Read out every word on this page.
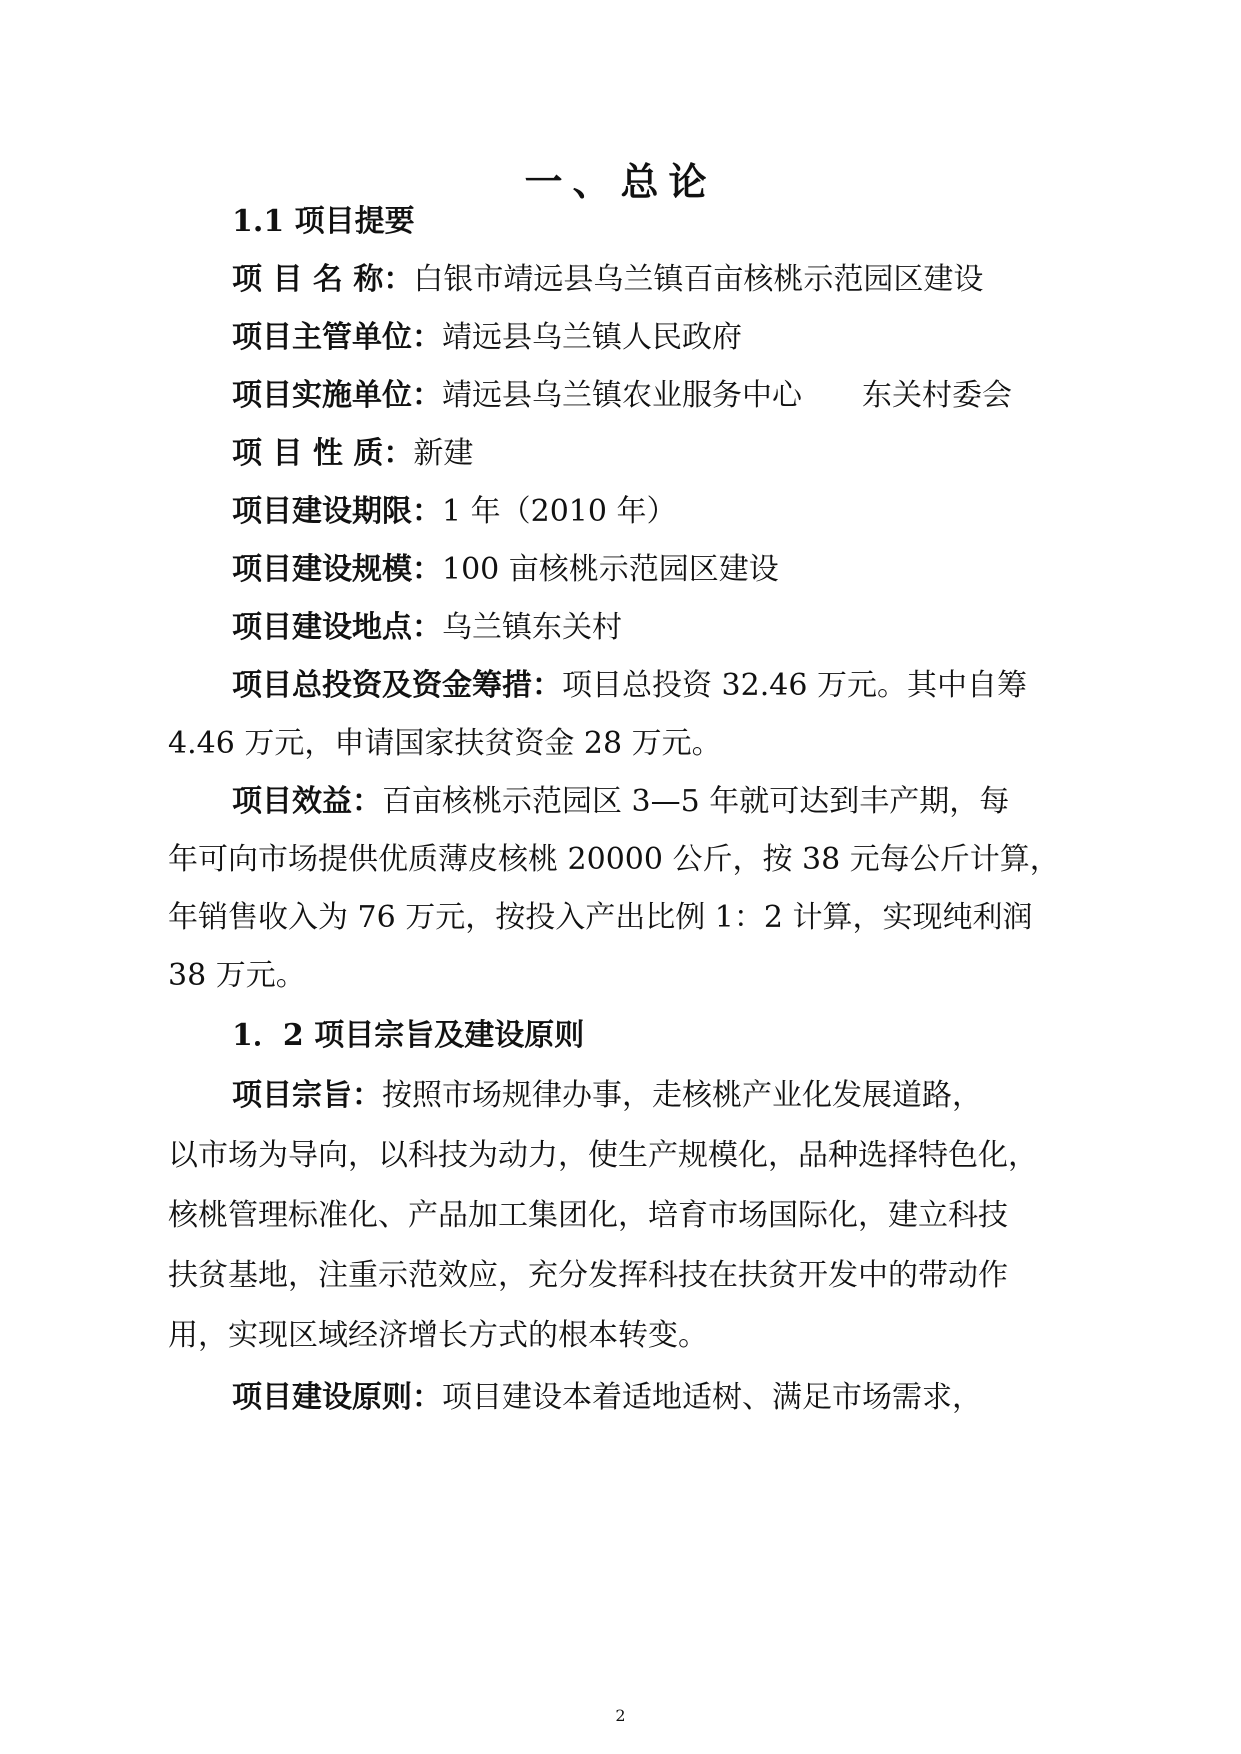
一、总论
1.1 项目提要
项 目 名 称：白银市靖远县乌兰镇百亩核桃示范园区建设
项目主管单位：靖远县乌兰镇人民政府
项目实施单位：靖远县乌兰镇农业服务中心　　东关村委会
项 目 性 质：新建
项目建设期限：1 年（2010 年）
项目建设规模：100 亩核桃示范园区建设
项目建设地点：乌兰镇东关村
项目总投资及资金筹措：项目总投资 32.46 万元。其中自筹
4.46 万元，申请国家扶贫资金 28 万元。
项目效益：百亩核桃示范园区 3—5 年就可达到丰产期，每
年可向市场提供优质薄皮核桃 20000 公斤，按 38 元每公斤计算，
年销售收入为 76 万元，按投入产出比例 1：2 计算，实现纯利润
38 万元。
1．2 项目宗旨及建设原则
项目宗旨：按照市场规律办事，走核桃产业化发展道路，
以市场为导向，以科技为动力，使生产规模化，品种选择特色化，
核桃管理标准化、产品加工集团化，培育市场国际化，建立科技
扶贫基地，注重示范效应，充分发挥科技在扶贫开发中的带动作
用，实现区域经济增长方式的根本转变。
项目建设原则：项目建设本着适地适树、满足市场需求，
2
